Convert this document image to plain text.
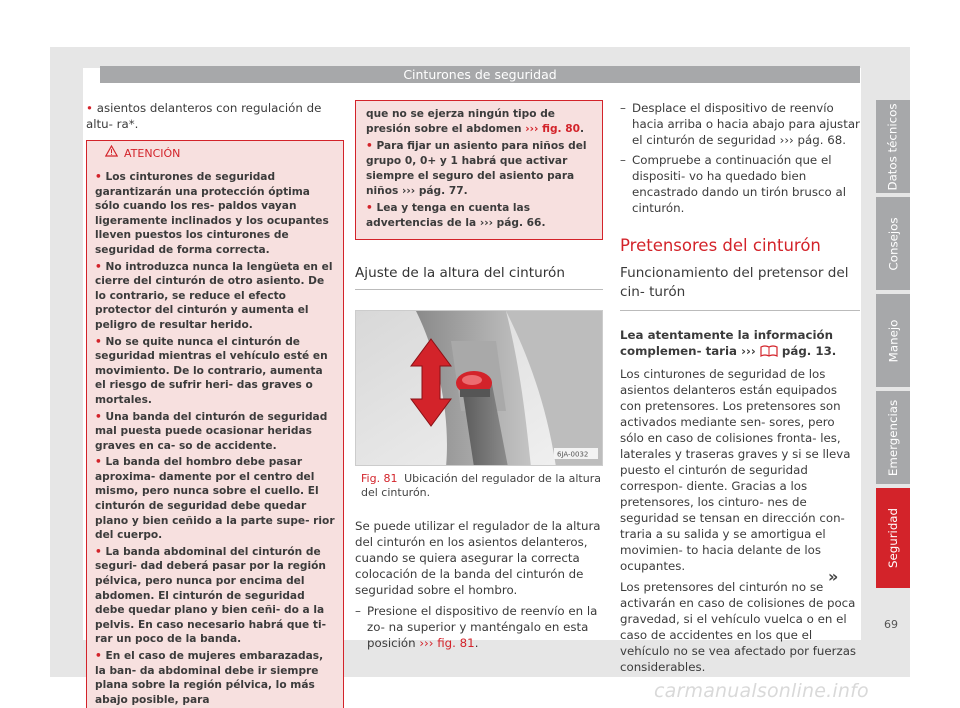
Cinturones de seguridad

• asientos delanteros con regulación de altu- ra*.

ATENCIÓN

• Los cinturones de seguridad garantizarán una protección óptima sólo cuando los res- paldos vayan ligeramente inclinados y los ocupantes lleven puestos los cinturones de seguridad de forma correcta.

• No introduzca nunca la lengüeta en el cierre del cinturón de otro asiento. De lo contrario, se reduce el efecto protector del cinturón y aumenta el peligro de resultar herido.

• No se quite nunca el cinturón de seguridad mientras el vehículo esté en movimiento. De lo contrario, aumenta el riesgo de sufrir heri- das graves o mortales.

• Una banda del cinturón de seguridad mal puesta puede ocasionar heridas graves en ca- so de accidente.

• La banda del hombro debe pasar aproxima- damente por el centro del mismo, pero nunca sobre el cuello. El cinturón de seguridad debe quedar plano y bien ceñido a la parte supe- rior del cuerpo.

• La banda abdominal del cinturón de seguri- dad deberá pasar por la región pélvica, pero nunca por encima del abdomen. El cinturón de seguridad debe quedar plano y bien ceñi- do a la pelvis. En caso necesario habrá que ti- rar un poco de la banda.

• En el caso de mujeres embarazadas, la ban- da abdominal debe ir siempre plana sobre la región pélvica, lo más abajo posible, para

que no se ejerza ningún tipo de presión sobre el abdomen ››› fig. 80.

• Para fijar un asiento para niños del grupo 0, 0+ y 1 habrá que activar siempre el seguro del asiento para niños ››› pág. 77.

• Lea y tenga en cuenta las advertencias de la ››› pág. 66.

Ajuste de la altura del cinturón
6JA-0032
Fig. 81 Ubicación del regulador de la altura del cinturón.

Se puede utilizar el regulador de la altura del cinturón en los asientos delanteros, cuando se quiera asegurar la correcta colocación de la banda del cinturón de seguridad sobre el hombro.

– Presione el dispositivo de reenvío en la zo- na superior y manténgalo en esta posición ››› fig. 81.
– Desplace el dispositivo de reenvío hacia arriba o hacia abajo para ajustar el cinturón de seguridad ››› pág. 68.
– Compruebe a continuación que el dispositi- vo ha quedado bien encastrado dando un tirón brusco al cinturón.
Pretensores del cinturón
Funcionamiento del pretensor del cin- turón

Lea atentamente la información complemen- taria ››› pág. 13.

Los cinturones de seguridad de los asientos delanteros están equipados con pretensores. Los pretensores son activados mediante sen- sores, pero sólo en caso de colisiones fronta- les, laterales y traseras graves y si se lleva puesto el cinturón de seguridad correspon- diente. Gracias a los pretensores, los cinturo- nes de seguridad se tensan en dirección con- traria a su salida y se amortigua el movimien- to hacia delante de los ocupantes.

Los pretensores del cinturón no se activarán en caso de colisiones de poca gravedad, si el vehículo vuelca o en el caso de accidentes en los que el vehículo no se vea afectado por fuerzas considerables.

»
Datos técnicos
Consejos
Manejo
Emergencias
Seguridad
69
carmanualsonline.info
